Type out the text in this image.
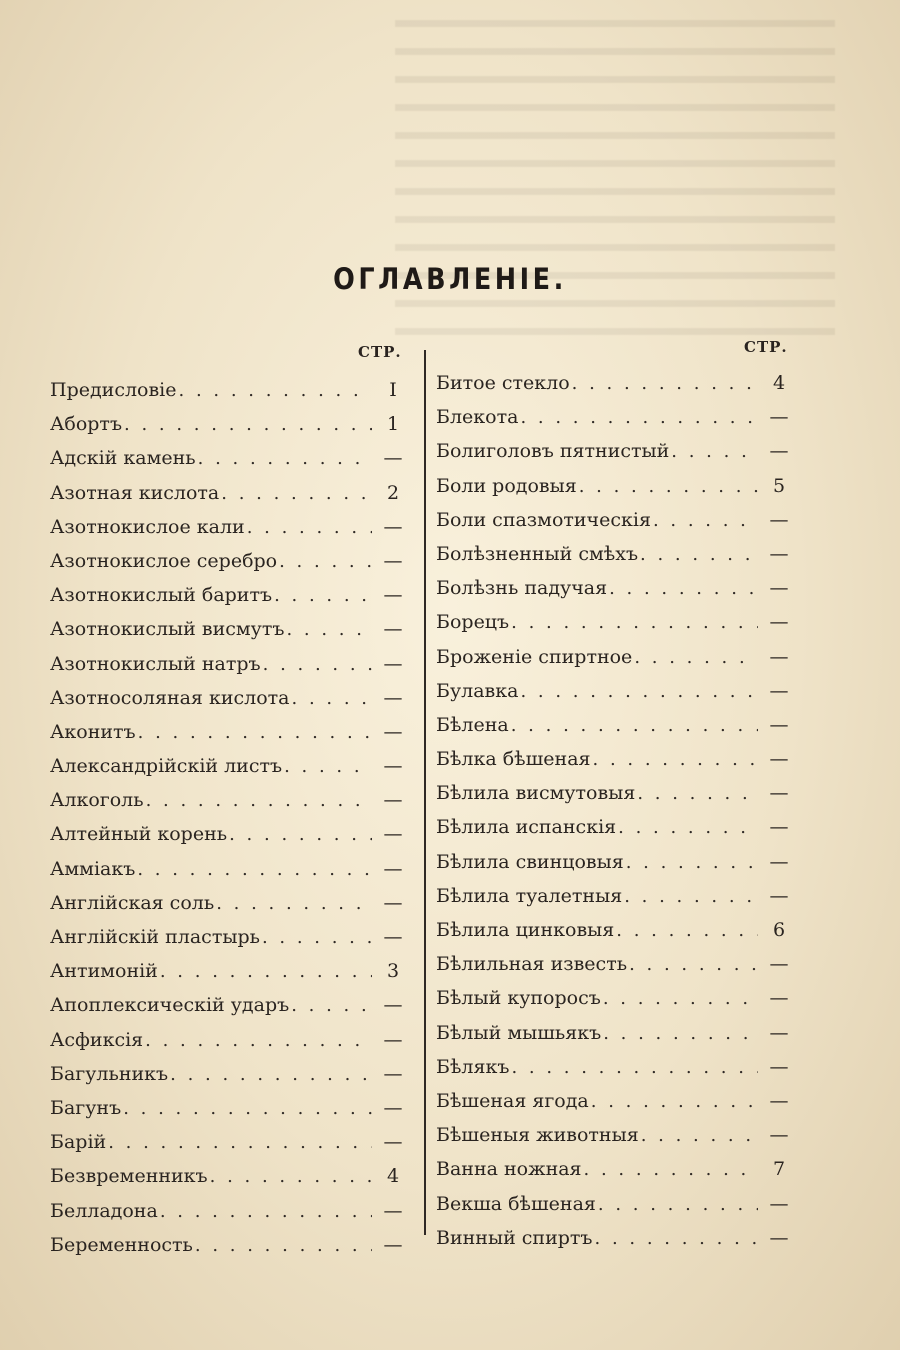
ОГЛАВЛЕНІЕ.
СТР.
Предисловіе . . .	I
Абортъ . . .	1
Адскій камень . . .	—
Азотная кислота . . .	2
Азотнокислое кали . . .	—
Азотнокислое серебро . . .	—
Азотнокислый баритъ . . .	—
Азотнокислый висмутъ . . .	—
Азотнокислый натръ . . .	—
Азотносоляная кислота . . .	—
Аконитъ . . .	—
Александрійскій листъ . . .	—
Алкоголь . . .	—
Алтейный корень . . .	—
Амміакъ . . .	—
Англійская соль . . .	—
Англійскій пластырь . . .	—
Антимоній . . .	3
Апоплексическій ударъ . . .	—
Асфиксія . . .	—
Багульникъ . . .	—
Багунъ . . .	—
Барій . . .	—
Безвременникъ . . .	4
Белладона . . .	—
Беременность . . .	—
СТР.
Битое стекло . . .	4
Блекота . . .	—
Болиголовъ пятнистый . . .	—
Боли родовыя . . .	5
Боли спазмотическія . . .	—
Болѣзненный смѣхъ . . .	—
Болѣзнь падучая . . .	—
Борецъ . . .	—
Броженіе спиртное . . .	—
Булавка . . .	—
Бѣлена . . .	—
Бѣлка бѣшеная . . .	—
Бѣлила висмутовыя . . .	—
Бѣлила испанскія . . .	—
Бѣлила свинцовыя . . .	—
Бѣлила туалетныя . . .	—
Бѣлила цинковыя . . .	6
Бѣлильная известь . . .	—
Бѣлый купоросъ . . .	—
Бѣлый мышьякъ . . .	—
Бѣлякъ . . .	—
Бѣшеная ягода . . .	—
Бѣшеныя животныя . . .	—
Ванна ножная . . .	7
Векша бѣшеная . . .	—
Винный спиртъ . . .	—
